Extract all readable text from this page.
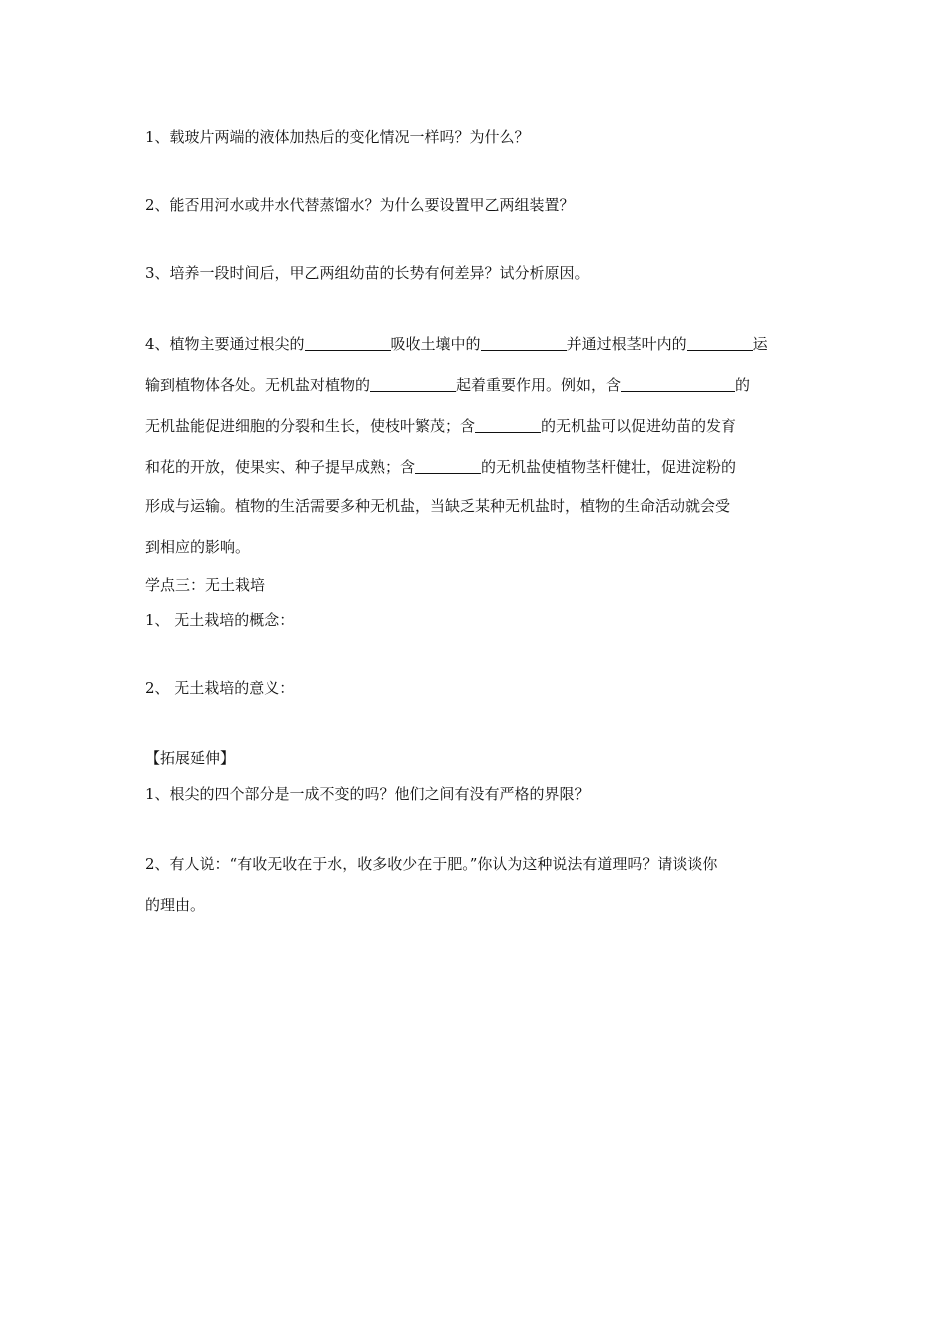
1、载玻片两端的液体加热后的变化情况一样吗？为什么？
2、能否用河水或井水代替蒸馏水？为什么要设置甲乙两组装置？
3、培养一段时间后，甲乙两组幼苗的长势有何差异？试分析原因。
4、植物主要通过根尖的	吸收土壤中的	并通过根茎叶内的	运
输到植物体各处。无机盐对植物的	起着重要作用。例如，含	的
无机盐能促进细胞的分裂和生长，使枝叶繁茂；含	的无机盐可以促进幼苗的发育
和花的开放，使果实、种子提早成熟；含	的无机盐使植物茎杆健壮，促进淀粉的
形成与运输。植物的生活需要多种无机盐，当缺乏某种无机盐时，植物的生命活动就会受
到相应的影响。
学点三：无土栽培
1、 无土栽培的概念：
2、 无土栽培的意义：
【拓展延伸】
1、根尖的四个部分是一成不变的吗？他们之间有没有严格的界限？
2、有人说：“有收无收在于水，收多收少在于肥。”你认为这种说法有道理吗？请谈谈你
的理由。
